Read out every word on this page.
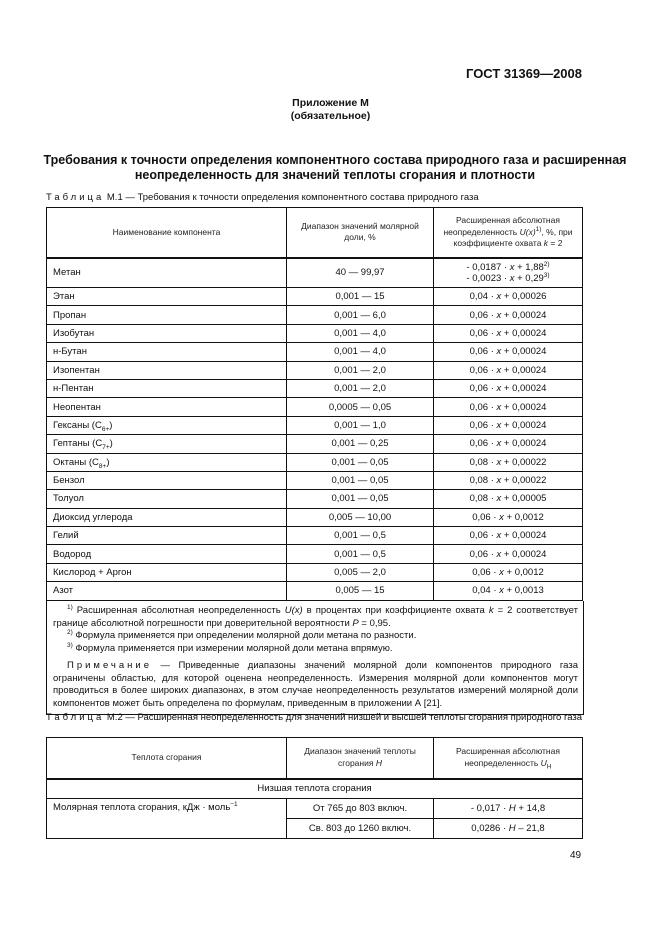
ГОСТ 31369—2008
Приложение М
(обязательное)
Требования к точности определения компонентного состава природного газа и расширенная
неопределенность для значений теплоты сгорания и плотности
Таблица М.1 — Требования к точности определения компонентного состава природного газа
Наименование компонента	Диапазон значений молярной доли, %	Расширенная абсолютная неопределенность $U(x)^{1)}$, %, при коэффициенте охвата k = 2
Метан	40 — 99,97	- $0,0187 \cdot x + 1,88^{2)}$
- $0,0023 \cdot x + 0,29^{3)}$

Этан	0,001 — 15	0,04 · x + 0,00026
Пропан	0,001 — 6,0	0,06 · x + 0,00024
Изобутан	0,001 — 4,0	0,06 · x + 0,00024
н-Бутан	0,001 — 4,0	0,06 · x + 0,00024
Изопентан	0,001 — 2,0	0,06 · x + 0,00024
н-Пентан	0,001 — 2,0	0,06 · x + 0,00024
Неопентан	0,0005 — 0,05	0,06 · x + 0,00024
Гексаны $(С_{6+})$	0,001 — 1,0	0,06 · x + 0,00024
Гептаны $(С_{7+})$	0,001 — 0,25	0,06 · x + 0,00024
Октаны $(С_{8+})$	0,001 — 0,05	0,08 · x + 0,00022
Бензол	0,001 — 0,05	0,08 · x + 0,00022
Толуол	0,001 — 0,05	0,08 · x + 0,00005
Диоксид углерода	0,005 — 10,00	0,06 · x + 0,0012
Гелий	0,001 — 0,5	0,06 · x + 0,00024
Водород	0,001 — 0,5	0,06 · x + 0,00024
Кислород + Аргон	0,005 — 2,0	0,06 · x + 0,0012
Азот	0,005 — 15	0,04 · x + 0,0013

$^{1)}$ Расширенная абсолютная неопределенность U(x) в процентах при коэффициенте охвата k = 2 соответствует границе абсолютной погрешности при доверительной вероятности P = 0,95.

$^{2)}$ Формула применяется при определении молярной доли метана по разности.

$^{3)}$ Формула применяется при измерении молярной доли метана впрямую.

Примечание — Приведенные диапазоны значений молярной доли компонентов природного газа ограничены областью, для которой оценена неопределенность. Измерения молярной доли компонентов могут проводиться в более широких диапазонах, в этом случае неопределенность результатов измерений молярной доли компонентов может быть определена по формулам, приведенным в приложении А [21].

Таблица М.2 — Расширенная неопределенность для значений низшей и высшей теплоты сгорания природного газа
Теплота сгорания	Диапазон значений теплоты сгорания H	Расширенная абсолютная неопределенность $U_H$
Низшая теплота сгорания		
Молярная теплота сгорания, кДж · моль$^{-1}$	От 765 до 803 включ.	- 0,017 · H + 14,8
	Св. 803 до 1260 включ.	0,0286 · H – 21,8
49
